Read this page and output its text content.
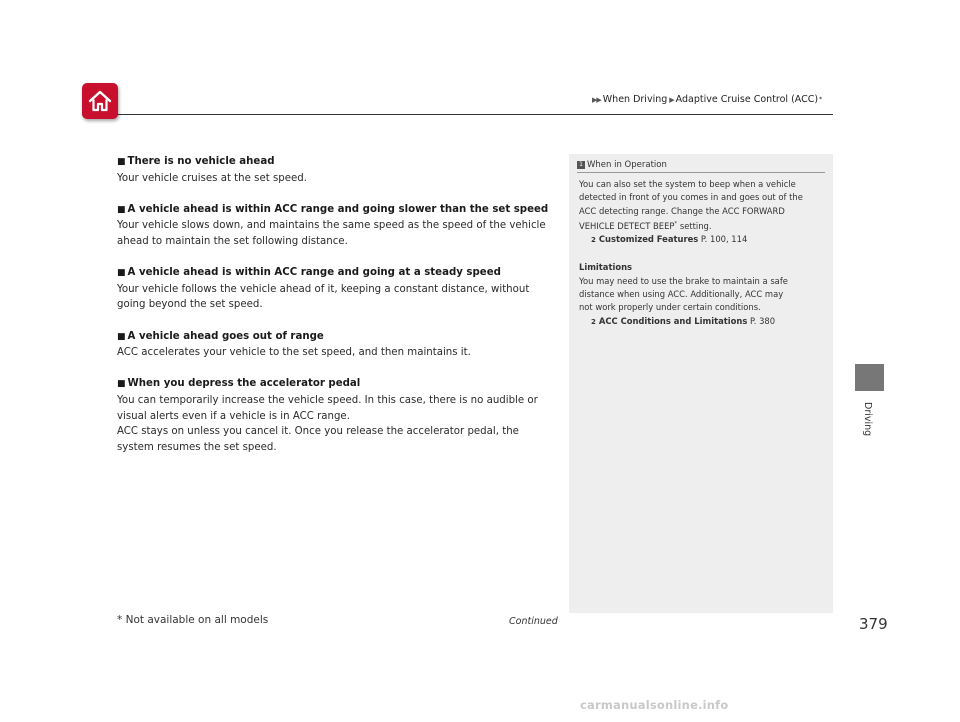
▶▶ When Driving ▶ Adaptive Cruise Control (ACC) *
■ There is no vehicle ahead
Your vehicle cruises at the set speed.
■ A vehicle ahead is within ACC range and going slower than the set speed
Your vehicle slows down, and maintains the same speed as the speed of the vehicle
ahead to maintain the set following distance.
■ A vehicle ahead is within ACC range and going at a steady speed
Your vehicle follows the vehicle ahead of it, keeping a constant distance, without
going beyond the set speed.
■ A vehicle ahead goes out of range
ACC accelerates your vehicle to the set speed, and then maintains it.
■ When you depress the accelerator pedal
You can temporarily increase the vehicle speed. In this case, there is no audible or
visual alerts even if a vehicle is in ACC range.
ACC stays on unless you cancel it. Once you release the accelerator pedal, the
system resumes the set speed.
1 When in Operation

You can also set the system to beep when a vehicle

detected in front of you comes in and goes out of the

ACC detecting range. Change the ACC FORWARD

VEHICLE DETECT BEEP* setting.

2 Customized Features P. 100, 114

Limitations

You may need to use the brake to maintain a safe

distance when using ACC. Additionally, ACC may

not work properly under certain conditions.

2 ACC Conditions and Limitations P. 380

Driving
* Not available on all models	Continued	379
carmanualsonline.info
